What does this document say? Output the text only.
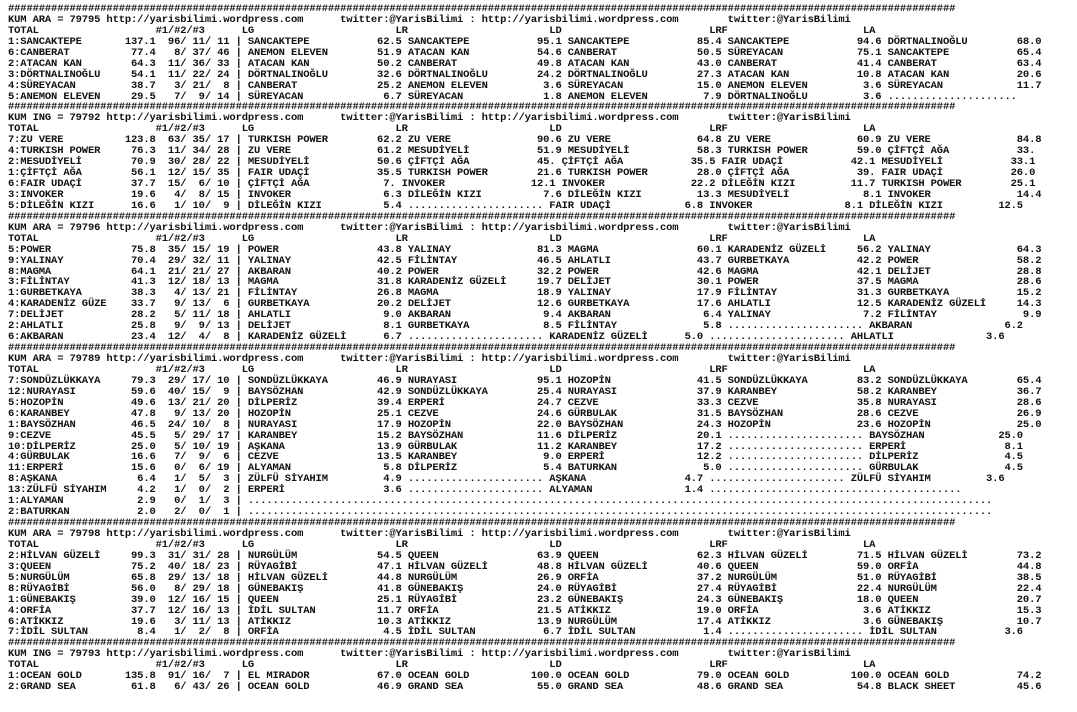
##########################################################################################################################################################
KUM ARA = 79795 http://yarisbilimi.wordpress.com      twitter:@YarisBilimi : http://yarisbilimi.wordpress.com        twitter:@YarisBilimi
TOTAL                   #1/#2/#3      LG                       LR                       LD                        LRF                      LA
1:SANCAKTEPE       137.1  96/ 11/ 11 | SANCAKTEPE           62.5 SANCAKTEPE           95.1 SANCAKTEPE           85.4 SANCAKTEPE           94.6 DÖRTNALINOĞLU        68.0
6:CANBERAT          77.4   8/ 37/ 46 | ANEMON ELEVEN        51.9 ATACAN KAN           54.6 CANBERAT             50.5 SÜREYACAN            75.1 SANCAKTEPE           65.4
2:ATACAN KAN        64.3  11/ 36/ 33 | ATACAN KAN           50.2 CANBERAT             49.8 ATACAN KAN           43.0 CANBERAT             41.4 CANBERAT             63.4
3:DÖRTNALINOĞLU     54.1  11/ 22/ 24 | DÖRTNALINOĞLU        32.6 DÖRTNALINOĞLU        24.2 DÖRTNALINOĞLU        27.3 ATACAN KAN           10.8 ATACAN KAN           20.6
4:SÜREYACAN         38.7   3/ 21/  8 | CANBERAT             25.2 ANEMON ELEVEN         3.6 SÜREYACAN            15.0 ANEMON ELEVEN         3.6 SÜREYACAN            11.7
5:ANEMON ELEVEN     29.5   7/  9/ 14 | SÜREYACAN             6.7 SÜREYACAN             1.8 ANEMON ELEVEN         7.9 DÖRTNALINOĞLU         3.6 .....................
##########################################################################################################################################################
KUM ING = 79792 http://yarisbilimi.wordpress.com      twitter:@YarisBilimi : http://yarisbilimi.wordpress.com        twitter:@YarisBilimi
TOTAL                   #1/#2/#3      LG                       LR                       LD                        LRF                      LA
7:ZU VERE          123.8  63/ 35/ 17 | TURKISH POWER        62.2 ZU VERE              90.6 ZU VERE              64.8 ZU VERE              60.9 ZU VERE              84.8
4:TURKISH POWER     76.3  11/ 34/ 28 | ZU VERE              61.2 MESUDİYELİ           51.9 MESUDİYELİ           58.3 TURKISH POWER        59.0 ÇİFTÇİ AĞA           33.
2:MESUDİYELİ        70.9  30/ 28/ 22 | MESUDİYELİ           50.6 ÇİFTÇİ AĞA           45. ÇİFTÇİ AĞA           35.5 FAIR UDAÇİ           42.1 MESUDİYELİ           33.1
1:ÇİFTÇİ AĞA        56.1  12/ 15/ 35 | FAIR UDAÇİ           35.5 TURKISH POWER        21.6 TURKISH POWER        28.0 ÇİFTÇİ AĞA           39. FAIR UDAÇİ           26.0
6:FAIR UDAÇİ        37.7  15/  6/ 10 | ÇİFTÇİ AĞA            7. INVOKER              12.1 INVOKER              22.2 DİLEĞİN KIZI         11.7 TURKISH POWER        25.1
3:INVOKER           19.6   4/  8/ 15 | INVOKER               6.3 DİLEĞİN KIZI          7.6 DİLEĞİN KIZI         13.3 MESUDİYELİ            8.1 INVOKER              14.4
5:DİLEĞİN KIZI      16.6   1/ 10/  9 | DİLEĞİN KIZI          5.4 ...................... FAIR UDAÇİ            6.8 INVOKER               8.1 DİLEĞİN KIZI         12.5
##########################################################################################################################################################
KUM ARA = 79796 http://yarisbilimi.wordpress.com      twitter:@YarisBilimi : http://yarisbilimi.wordpress.com        twitter:@YarisBilimi
TOTAL                   #1/#2/#3      LG                       LR                       LD                        LRF                      LA
5:POWER             75.8  35/ 15/ 19 | POWER                43.8 YALINAY              81.3 MAGMA                60.1 KARADENİZ GÜZELİ     56.2 YALINAY              64.3
9:YALINAY           70.4  29/ 32/ 11 | YALINAY              42.5 FİLİNTAY             46.5 AHLATLI              43.7 GURBETKAYA           42.2 POWER                58.2
8:MAGMA             64.1  21/ 21/ 27 | AKBARAN              40.2 POWER                32.2 POWER                42.6 MAGMA                42.1 DELİJET              28.8
3:FİLİNTAY          41.3  12/ 18/ 13 | MAGMA                31.8 KARADENİZ GÜZELİ     19.7 DELİJET              30.1 POWER                37.5 MAGMA                28.6
1:GURBETKAYA        38.3   4/ 13/ 21 | FİLİNTAY             26.8 MAGMA                18.9 YALINAY              17.9 FİLİNTAY             31.3 GURBETKAYA           15.2
4:KARADENİZ GÜZE    33.7   9/ 13/  6 | GURBETKAYA           20.2 DELİJET              12.6 GURBETKAYA           17.6 AHLATLI              12.5 KARADENİZ GÜZELİ     14.3
7:DELİJET           28.2   5/ 11/ 18 | AHLATLI               9.0 AKBARAN               9.4 AKBARAN               6.4 YALINAY               7.2 FİLİNTAY              9.9
2:AHLATLI           25.8   9/  9/ 13 | DELİJET               8.1 GURBETKAYA            8.5 FİLİNTAY              5.8 ...................... AKBARAN               6.2
6:AKBARAN           23.4  12/  4/  8 | KARADENİZ GÜZELİ      6.7 ...................... KARADENİZ GÜZELİ      5.0 ...................... AHLATLI               3.6
##########################################################################################################################################################
KUM ARA = 79789 http://yarisbilimi.wordpress.com      twitter:@YarisBilimi : http://yarisbilimi.wordpress.com        twitter:@YarisBilimi
TOTAL                   #1/#2/#3      LG                       LR                       LD                        LRF                      LA
7:SONDÜZLÜKKAYA     79.3  29/ 17/ 10 | SONDÜZLÜKKAYA        46.9 NURAYASI             95.1 HOZOPİN              41.5 SONDÜZLÜKKAYA        83.2 SONDÜZLÜKKAYA        65.4
12:NURAYASI         59.6  40/ 15/  9 | BAYSÖZHAN            42.9 SONDÜZLÜKKAYA        25.4 NURAYASI             37.9 KARANBEY             58.2 KARANBEY             36.7
5:HOZOPİN           49.6  13/ 21/ 20 | DİLPERİZ             39.4 ERPERİ               24.7 CEZVE                33.3 CEZVE                35.8 NURAYASI             28.6
6:KARANBEY          47.8   9/ 13/ 20 | HOZOPİN              25.1 CEZVE                24.6 GÜRBULAK             31.5 BAYSÖZHAN            28.6 CEZVE                26.9
1:BAYSÖZHAN         46.5  24/ 10/  8 | NURAYASI             17.9 HOZOPİN              22.0 BAYSÖZHAN            24.3 HOZOPİN              23.6 HOZOPİN              25.0
9:CEZVE             45.5   5/ 29/ 17 | KARANBEY             15.2 BAYSÖZHAN            11.6 DİLPERİZ             20.1 ...................... BAYSÖZHAN            25.0
10:DİLPERİZ         25.0   5/ 10/ 19 | AŞKANA               13.9 GÜRBULAK             11.2 KARANBEY             17.2 ...................... ERPERİ                8.1
4:GÜRBULAK          16.6   7/  9/  6 | CEZVE                13.5 KARANBEY              9.0 ERPERİ               12.2 ...................... DİLPERİZ              4.5
11:ERPERİ           15.6   0/  6/ 19 | ALYAMAN               5.8 DİLPERİZ              5.4 BATURKAN              5.0 ...................... GÜRBULAK              4.5
8:AŞKANA             6.4   1/  5/  3 | ZÜLFÜ SİYAHIM         4.9 ...................... AŞKANA                4.7 ...................... ZÜLFÜ SİYAHIM         3.6
13:ZÜLFÜ SİYAHIM     4.2   1/  0/  2 | ERPERİ                3.6 ...................... ALYAMAN               1.4 .........................................
1:ALYAMAN            2.9   0/  1/  3 | .........................................................................................................................
2:BATURKAN           2.0   2/  0/  1 | .........................................................................................................................
##########################################################################################################################################################
KUM ARA = 79798 http://yarisbilimi.wordpress.com      twitter:@YarisBilimi : http://yarisbilimi.wordpress.com        twitter:@YarisBilimi
TOTAL                   #1/#2/#3      LG                       LR                       LD                        LRF                      LA
2:HİLVAN GÜZELİ     99.3  31/ 31/ 28 | NURGÜLÜM             54.5 QUEEN                63.9 QUEEN                62.3 HİLVAN GÜZELİ        71.5 HİLVAN GÜZELİ        73.2
3:QUEEN             75.2  40/ 18/ 23 | RÜYAGİBİ             47.1 HİLVAN GÜZELİ        48.8 HİLVAN GÜZELİ        40.6 QUEEN                59.0 ORFİA                44.8
5:NURGÜLÜM          65.8  29/ 13/ 18 | HİLVAN GÜZELİ        44.8 NURGÜLÜM             26.9 ORFİA                37.2 NURGÜLÜM             51.0 RÜYAGİBİ             38.5
8:RÜYAGİBİ          56.0   8/ 29/ 18 | GÜNEBAKIŞ            41.8 GÜNEBAKIŞ            24.0 RÜYAGİBİ             27.4 RÜYAGİBİ             22.4 NURGÜLÜM             22.4
1:GÜNEBAKIŞ         39.0  12/ 16/ 15 | QUEEN                25.1 RÜYAGİBİ             23.2 GÜNEBAKIŞ            24.3 GÜNEBAKIŞ            18.0 QUEEN                20.7
4:ORFİA             37.7  12/ 16/ 13 | İDİL SULTAN          11.7 ORFİA                21.5 ATİKKIZ              19.0 ORFİA                 3.6 ATİKKIZ              15.3
6:ATİKKIZ           19.6   3/ 11/ 13 | ATİKKIZ              10.3 ATİKKIZ              13.9 NURGÜLÜM             17.4 ATİKKIZ               3.6 GÜNEBAKIŞ            10.7
7:İDİL SULTAN        8.4   1/  2/  8 | ORFİA                 4.5 İDİL SULTAN           6.7 İDİL SULTAN           1.4 ...................... İDİL SULTAN           3.6
##########################################################################################################################################################
KUM ING = 79793 http://yarisbilimi.wordpress.com      twitter:@YarisBilimi : http://yarisbilimi.wordpress.com        twitter:@YarisBilimi
TOTAL                   #1/#2/#3      LG                       LR                       LD                        LRF                      LA
1:OCEAN GOLD       135.8  91/ 16/  7 | EL MIRADOR           67.0 OCEAN GOLD          100.0 OCEAN GOLD           79.0 OCEAN GOLD          100.0 OCEAN GOLD           74.2
2:GRAND SEA         61.8   6/ 43/ 26 | OCEAN GOLD           46.9 GRAND SEA            55.0 GRAND SEA            48.6 GRAND SEA            54.8 BLACK SHEET          45.6
